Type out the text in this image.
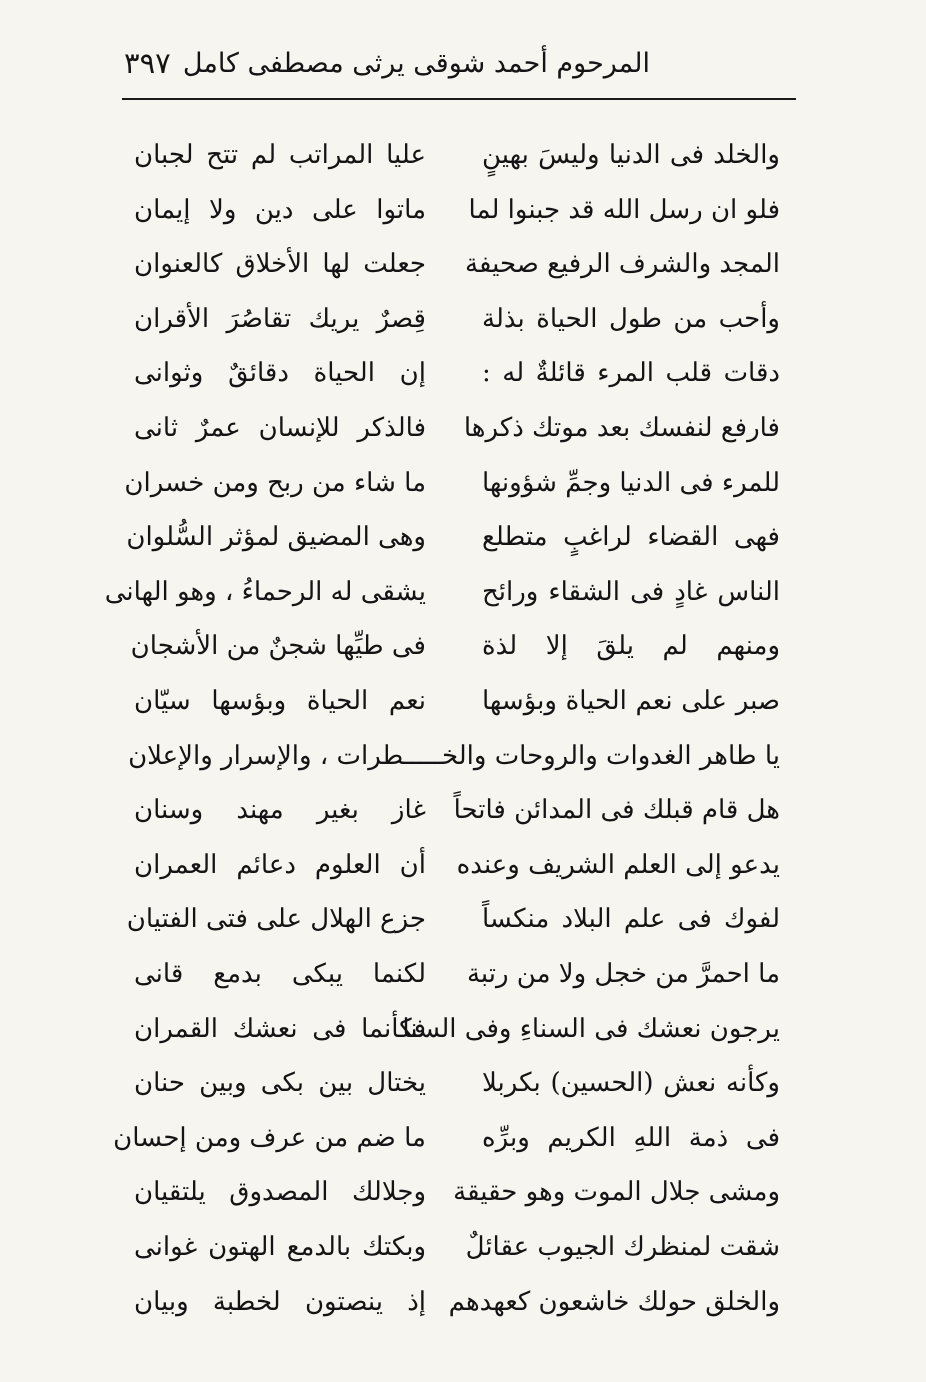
المرحوم أحمد شوقى يرثى مصطفى كامل
٣٩٧
والخلد فى الدنيا وليسَ بهينٍ
عليا المراتب لم تتح لجبان
فلو ان رسل الله قد جبنوا لما
ماتوا على دين ولا إيمان
المجد والشرف الرفيع صحيفة
جعلت لها الأخلاق كالعنوان
وأحب من طول الحياة بذلة
قِصرٌ يريك تقاصُرَ الأقران
دقات قلب المرء قائلةٌ له :
إن الحياة دقائقٌ وثوانى
فارفع لنفسك بعد موتك ذكرها
فالذكر للإنسان عمرٌ ثانى
للمرء فى الدنيا وجمِّ شؤونها
ما شاء من ربح ومن خسران
فهى القضاء لراغبٍ متطلع
وهى المضيق لمؤثر السُّلوان
الناس غادٍ فى الشقاء ورائح
يشقى له الرحماءُ ، وهو الهانى
ومنهم لم يلقَ إلا لذة
فى طيِّها شجنٌ من الأشجان
صبر على نعم الحياة وبؤسها
نعم الحياة وبؤسها سيّان
يا طاهر الغدوات والروحات والخـــــطرات ، والإسرار والإعلان
هل قام قبلك فى المدائن فاتحاً
غاز بغير مهند وسنان
يدعو إلى العلم الشريف وعنده
أن العلوم دعائم العمران
لفوك فى علم البلاد منكساً
جزع الهلال على فتى الفتيان
ما احمرَّ من خجل ولا من رتبة
لكنما يبكى بدمع قانى
يرجون نعشك فى السناءِ وفى السنا
فكأنما فى نعشك القمران
وكأنه نعش (الحسين) بكربلا
يختال بين بكى وبين حنان
فى ذمة اللهِ الكريم وبرِّه
ما ضم من عرف ومن إحسان
ومشى جلال الموت وهو حقيقة
وجلالك المصدوق يلتقيان
شقت لمنظرك الجيوب عقائلٌ
وبكتك بالدمع الهتون غوانى
والخلق حولك خاشعون كعهدهم
إذ ينصتون لخطبة وبيان
